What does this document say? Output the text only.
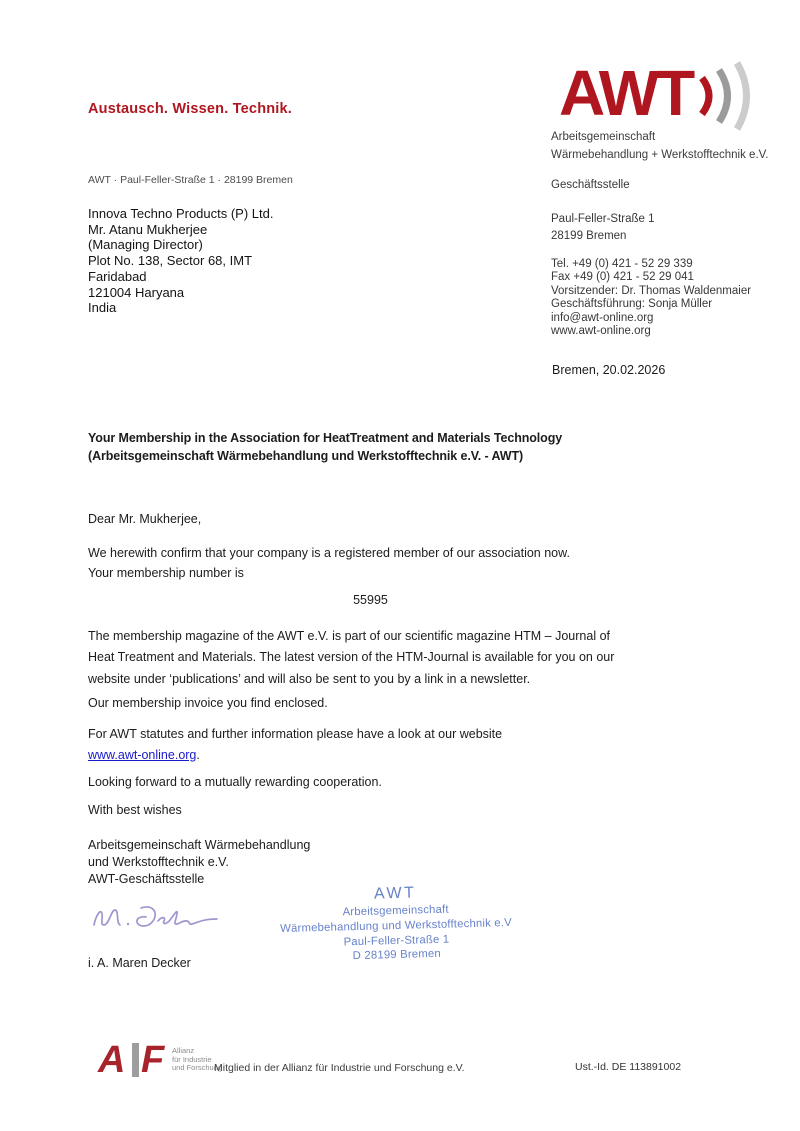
Austausch. Wissen. Technik.	AWT
Arbeitsgemeinschaft
Wärmebehandlung + Werkstofftechnik e.V.
Geschäftsstelle
Paul-Feller-Straße 1
28199 Bremen
Tel. +49 (0) 421 - 52 29 339
Fax +49 (0) 421 - 52 29 041
Vorsitzender: Dr. Thomas Waldenmaier
Geschäftsführung: Sonja Müller
info@awt-online.org
www.awt-online.org
AWT · Paul-Feller-Straße 1 · 28199 Bremen
Innova Techno Products (P) Ltd.
Mr. Atanu Mukherjee
(Managing Director)
Plot No. 138, Sector 68, IMT
Faridabad
121004 Haryana
India
Bremen, 20.02.2026
Your Membership in the Association for HeatTreatment and Materials Technology
(Arbeitsgemeinschaft Wärmebehandlung und Werkstofftechnik e.V. - AWT)
Dear Mr. Mukherjee,
We herewith confirm that your company is a registered member of our association now.
Your membership number is
55995
The membership magazine of the AWT e.V. is part of our scientific magazine HTM – Journal of
Heat Treatment and Materials. The latest version of the HTM-Journal is available for you on our
website under ‘publications’ and will also be sent to you by a link in a newsletter.
Our membership invoice you find enclosed.
For AWT statutes and further information please have a look at our website
www.awt-online.org.
Looking forward to a mutually rewarding cooperation.
With best wishes
Arbeitsgemeinschaft Wärmebehandlung
und Werkstofftechnik e.V.
AWT-Geschäftsstelle
AWT
Arbeitsgemeinschaft
Wärmebehandlung und Werkstofftechnik e.V
Paul-Feller-Straße 1
D 28199 Bremen
i. A. Maren Decker
A F Allianz
für Industrie
und Forschung
Mitglied in der Allianz für Industrie und Forschung e.V.	Ust.-Id. DE 113891002
